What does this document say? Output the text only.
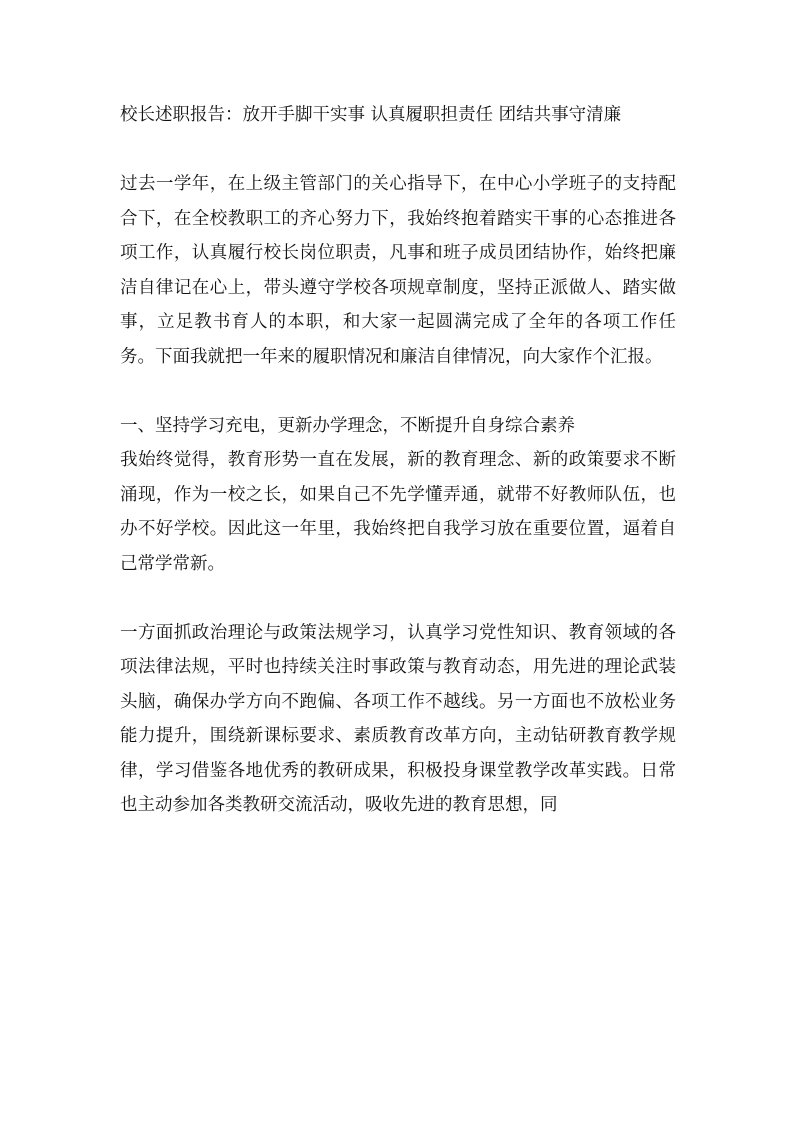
校长述职报告：放开手脚干实事 认真履职担责任 团结共事守清廉

过去一学年，在上级主管部门的关心指导下，在中心小学班子的支持配合下，在全校教职工的齐心努力下，我始终抱着踏实干事的心态推进各项工作，认真履行校长岗位职责，凡事和班子成员团结协作，始终把廉洁自律记在心上，带头遵守学校各项规章制度，坚持正派做人、踏实做事，立足教书育人的本职，和大家一起圆满完成了全年的各项工作任务。下面我就把一年来的履职情况和廉洁自律情况，向大家作个汇报。

一、坚持学习充电，更新办学理念，不断提升自身综合素养

我始终觉得，教育形势一直在发展，新的教育理念、新的政策要求不断涌现，作为一校之长，如果自己不先学懂弄通，就带不好教师队伍，也办不好学校。因此这一年里，我始终把自我学习放在重要位置，逼着自己常学常新。

一方面抓政治理论与政策法规学习，认真学习党性知识、教育领域的各项法律法规，平时也持续关注时事政策与教育动态，用先进的理论武装头脑，确保办学方向不跑偏、各项工作不越线。另一方面也不放松业务能力提升，围绕新课标要求、素质教育改革方向，主动钻研教育教学规律，学习借鉴各地优秀的教研成果，积极投身课堂教学改革实践。日常也主动参加各类教研交流活动，吸收先进的教育思想，同
